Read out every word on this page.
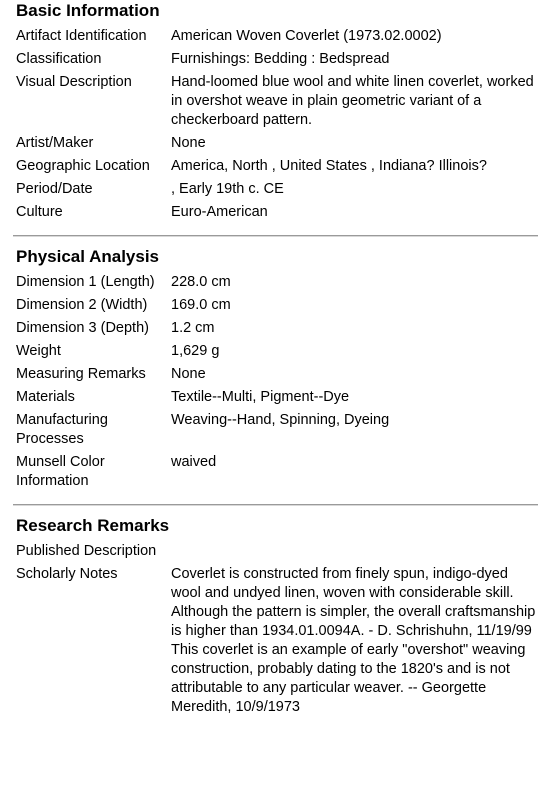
Basic Information
Artifact Identification	American Woven Coverlet (1973.02.0002)
Classification	Furnishings: Bedding : Bedspread
Visual Description	Hand-loomed blue wool and white linen coverlet, worked in overshot weave in plain geometric variant of a checkerboard pattern.
Artist/Maker	None
Geographic Location	America, North , United States , Indiana? Illinois?
Period/Date	, Early 19th c. CE
Culture	Euro-American
Physical Analysis
Dimension 1 (Length)	228.0 cm
Dimension 2 (Width)	169.0 cm
Dimension 3 (Depth)	1.2 cm
Weight	1,629 g
Measuring Remarks	None
Materials	Textile--Multi, Pigment--Dye
Manufacturing Processes	Weaving--Hand, Spinning, Dyeing
Munsell Color Information	waived
Research Remarks
Published Description	
Scholarly Notes	Coverlet is constructed from finely spun, indigo-dyed wool and undyed linen, woven with considerable skill. Although the pattern is simpler, the overall craftsmanship is higher than 1934.01.0094A. - D. Schrishuhn, 11/19/99 This coverlet is an example of early "overshot" weaving construction, probably dating to the 1820's and is not attributable to any particular weaver. -- Georgette Meredith, 10/9/1973
